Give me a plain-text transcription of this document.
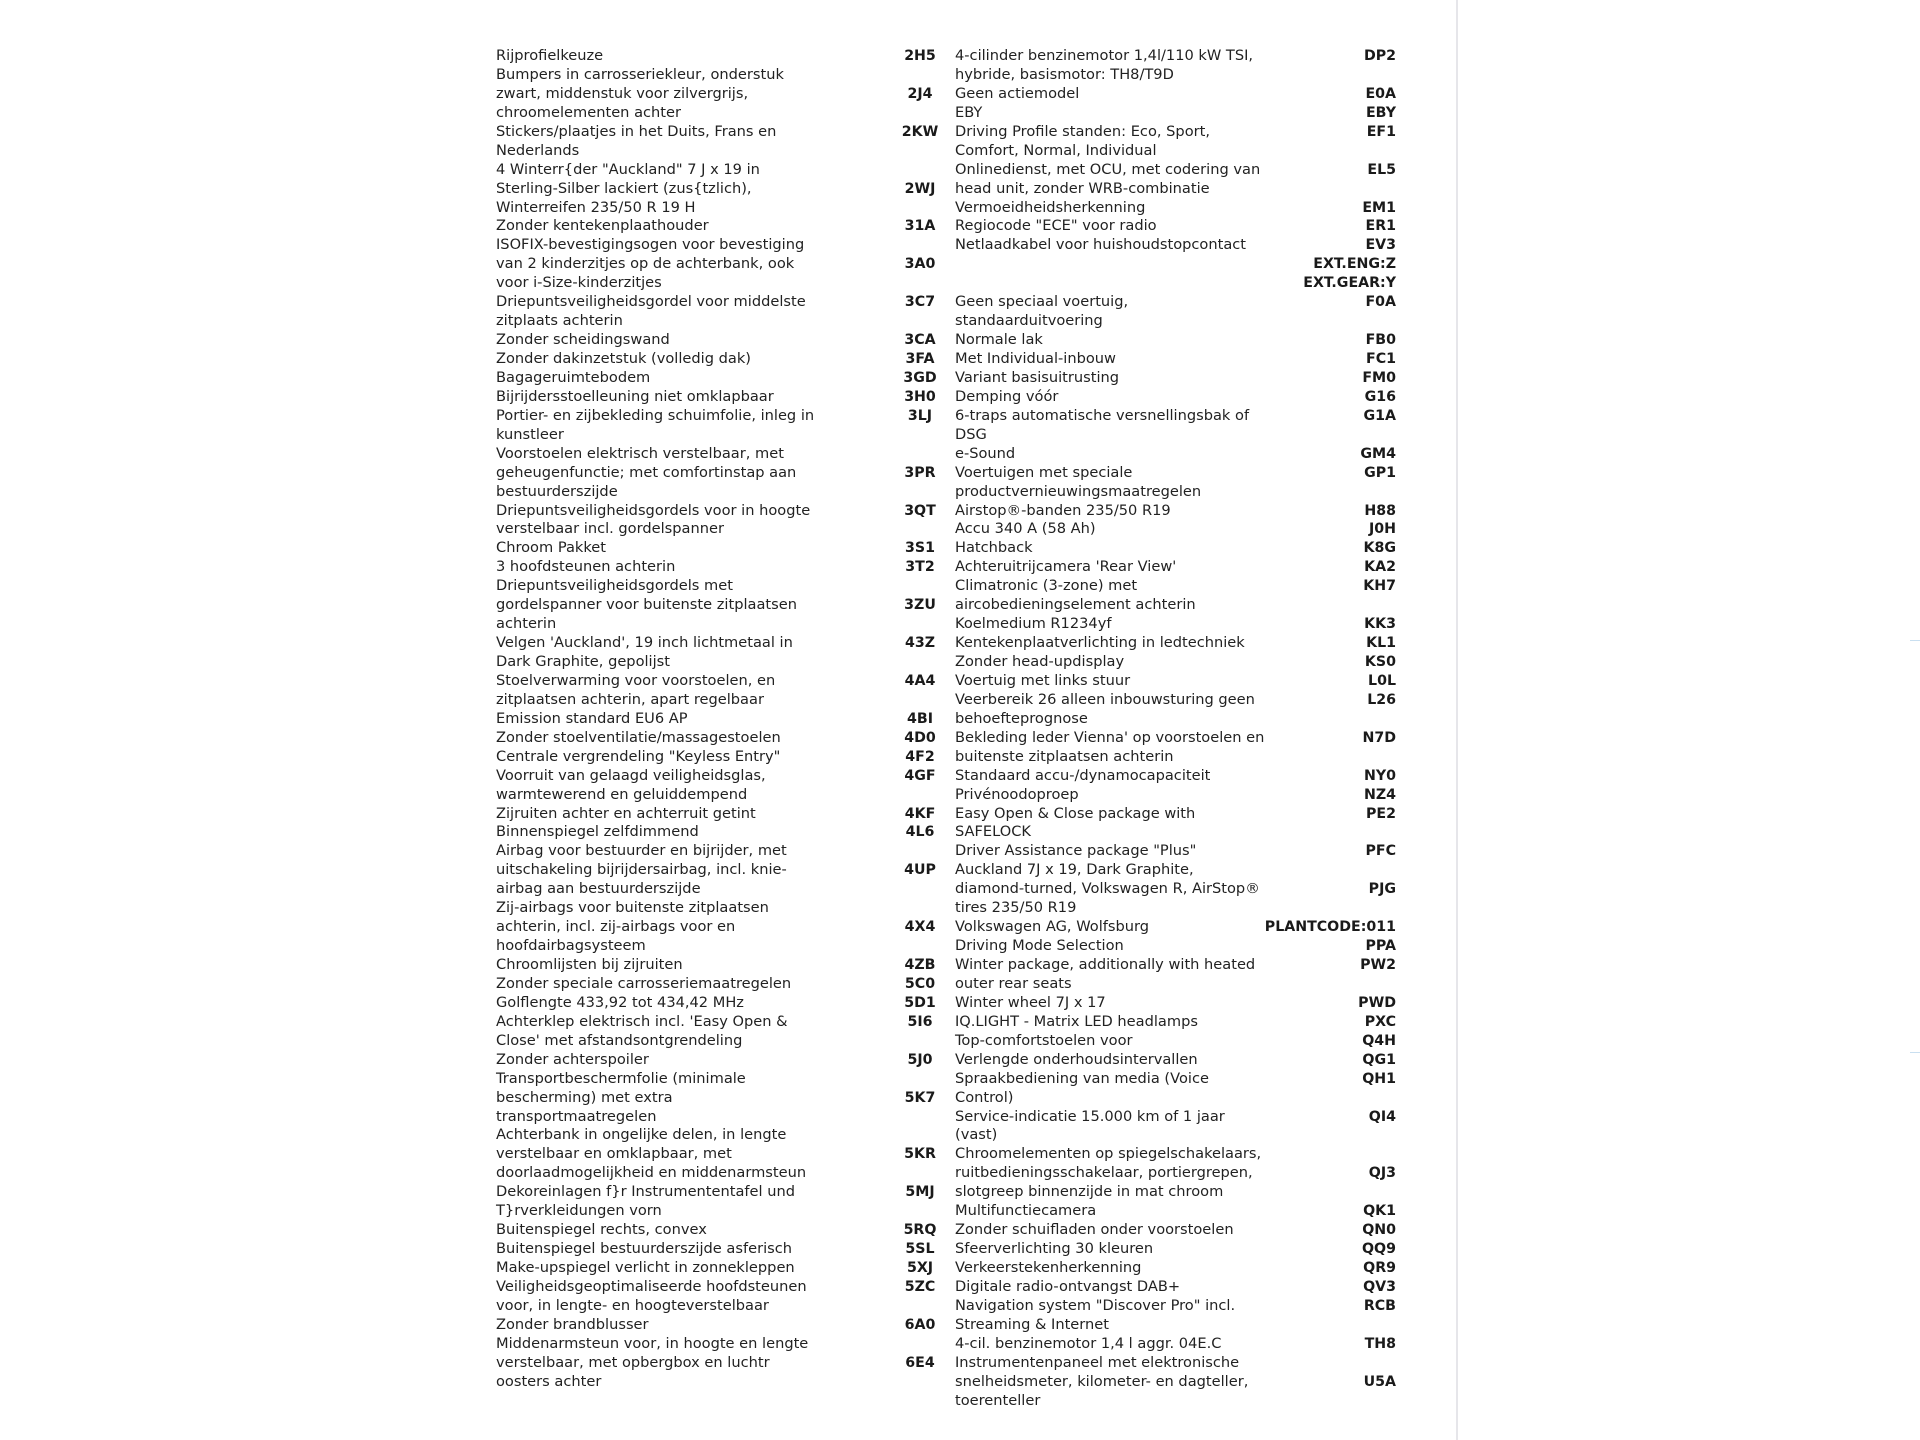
Rijprofielkeuze
Bumpers in carrosseriekleur, onderstuk
zwart, middenstuk voor zilvergrijs,
chroomelementen achter
Stickers/plaatjes in het Duits, Frans en
Nederlands
4 Winterr{der "Auckland" 7 J x 19 in
Sterling-Silber lackiert (zus{tzlich),
Winterreifen 235/50 R 19 H
Zonder kentekenplaathouder
ISOFIX-bevestigingsogen voor bevestiging
van 2 kinderzitjes op de achterbank, ook
voor i-Size-kinderzitjes
Driepuntsveiligheidsgordel voor middelste
zitplaats achterin
Zonder scheidingswand
Zonder dakinzetstuk (volledig dak)
Bagageruimtebodem
Bijrijdersstoelleuning niet omklapbaar
Portier- en zijbekleding schuimfolie, inleg in
kunstleer
Voorstoelen elektrisch verstelbaar, met
geheugenfunctie; met comfortinstap aan
bestuurderszijde
Driepuntsveiligheidsgordels voor in hoogte
verstelbaar incl. gordelspanner
Chroom Pakket
3 hoofdsteunen achterin
Driepuntsveiligheidsgordels met
gordelspanner voor buitenste zitplaatsen
achterin
Velgen 'Auckland', 19 inch lichtmetaal in
Dark Graphite, gepolijst
Stoelverwarming voor voorstoelen, en
zitplaatsen achterin, apart regelbaar
Emission standard EU6 AP
Zonder stoelventilatie/massagestoelen
Centrale vergrendeling "Keyless Entry"
Voorruit van gelaagd veiligheidsglas,
warmtewerend en geluiddempend
Zijruiten achter en achterruit getint
Binnenspiegel zelfdimmend
Airbag voor bestuurder en bijrijder, met
uitschakeling bijrijdersairbag, incl. knie-
airbag aan bestuurderszijde
Zij-airbags voor buitenste zitplaatsen
achterin, incl. zij-airbags voor en
hoofdairbagsysteem
Chroomlijsten bij zijruiten
Zonder speciale carrosseriemaatregelen
Golflengte 433,92 tot 434,42 MHz
Achterklep elektrisch incl. 'Easy Open &
Close' met afstandsontgrendeling
Zonder achterspoiler
Transportbeschermfolie (minimale
bescherming) met extra
transportmaatregelen
Achterbank in ongelijke delen, in lengte
verstelbaar en omklapbaar, met
doorlaadmogelijkheid en middenarmsteun
Dekoreinlagen f}r Instrumententafel und
T}rverkleidungen vorn
Buitenspiegel rechts, convex
Buitenspiegel bestuurderszijde asferisch
Make-upspiegel verlicht in zonnekleppen
Veiligheidsgeoptimaliseerde hoofdsteunen
voor, in lengte- en hoogteverstelbaar
Zonder brandblusser
Middenarmsteun voor, in hoogte en lengte
verstelbaar, met opbergbox en luchtr
oosters achter
2H5
2J4
2KW
2WJ
31A
3A0
3C7
3CA
3FA
3GD
3H0
3LJ
3PR
3QT
3S1
3T2
3ZU
43Z
4A4
4BI
4D0
4F2
4GF
4KF
4L6
4UP
4X4
4ZB
5C0
5D1
5I6
5J0
5K7
5KR
5MJ
5RQ
5SL
5XJ
5ZC
6A0
6E4
4-cilinder benzinemotor 1,4l/110 kW TSI,
hybride, basismotor: TH8/T9D
Geen actiemodel
EBY
Driving Profile standen: Eco, Sport,
Comfort, Normal, Individual
Onlinedienst, met OCU, met codering van
head unit, zonder WRB-combinatie
Vermoeidheidsherkenning
Regiocode "ECE" voor radio
Netlaadkabel voor huishoudstopcontact
Geen speciaal voertuig,
standaarduitvoering
Normale lak
Met Individual-inbouw
Variant basisuitrusting
Demping vóór
6-traps automatische versnellingsbak of
DSG
e-Sound
Voertuigen met speciale
productvernieuwingsmaatregelen
Airstop®-banden 235/50 R19
Accu 340 A (58 Ah)
Hatchback
Achteruitrijcamera 'Rear View'
Climatronic (3-zone) met
aircobedieningselement achterin
Koelmedium R1234yf
Kentekenplaatverlichting in ledtechniek
Zonder head-updisplay
Voertuig met links stuur
Veerbereik 26 alleen inbouwsturing geen
behoefteprognose
Bekleding leder Vienna' op voorstoelen en
buitenste zitplaatsen achterin
Standaard accu-/dynamocapaciteit
Privénoodoproep
Easy Open & Close package with
SAFELOCK
Driver Assistance package "Plus"
Auckland 7J x 19, Dark Graphite,
diamond-turned, Volkswagen R, AirStop®
tires 235/50 R19
Volkswagen AG, Wolfsburg
Driving Mode Selection
Winter package, additionally with heated
outer rear seats
Winter wheel 7J x 17
IQ.LIGHT - Matrix LED headlamps
Top-comfortstoelen voor
Verlengde onderhoudsintervallen
Spraakbediening van media (Voice
Control)
Service-indicatie 15.000 km of 1 jaar
(vast)
Chroomelementen op spiegelschakelaars,
ruitbedieningsschakelaar, portiergrepen,
slotgreep binnenzijde in mat chroom
Multifunctiecamera
Zonder schuifladen onder voorstoelen
Sfeerverlichting 30 kleuren
Verkeerstekenherkenning
Digitale radio-ontvangst DAB+
Navigation system "Discover Pro" incl.
Streaming & Internet
4-cil. benzinemotor 1,4 l aggr. 04E.C
Instrumentenpaneel met elektronische
snelheidsmeter, kilometer- en dagteller,
toerenteller
DP2
E0A
EBY
EF1
EL5
EM1
ER1
EV3
EXT.ENG:Z
EXT.GEAR:Y
F0A
FB0
FC1
FM0
G16
G1A
GM4
GP1
H88
J0H
K8G
KA2
KH7
KK3
KL1
KS0
L0L
L26
N7D
NY0
NZ4
PE2
PFC
PJG
PLANTCODE:011
PPA
PW2
PWD
PXC
Q4H
QG1
QH1
QI4
QJ3
QK1
QN0
QQ9
QR9
QV3
RCB
TH8
U5A
